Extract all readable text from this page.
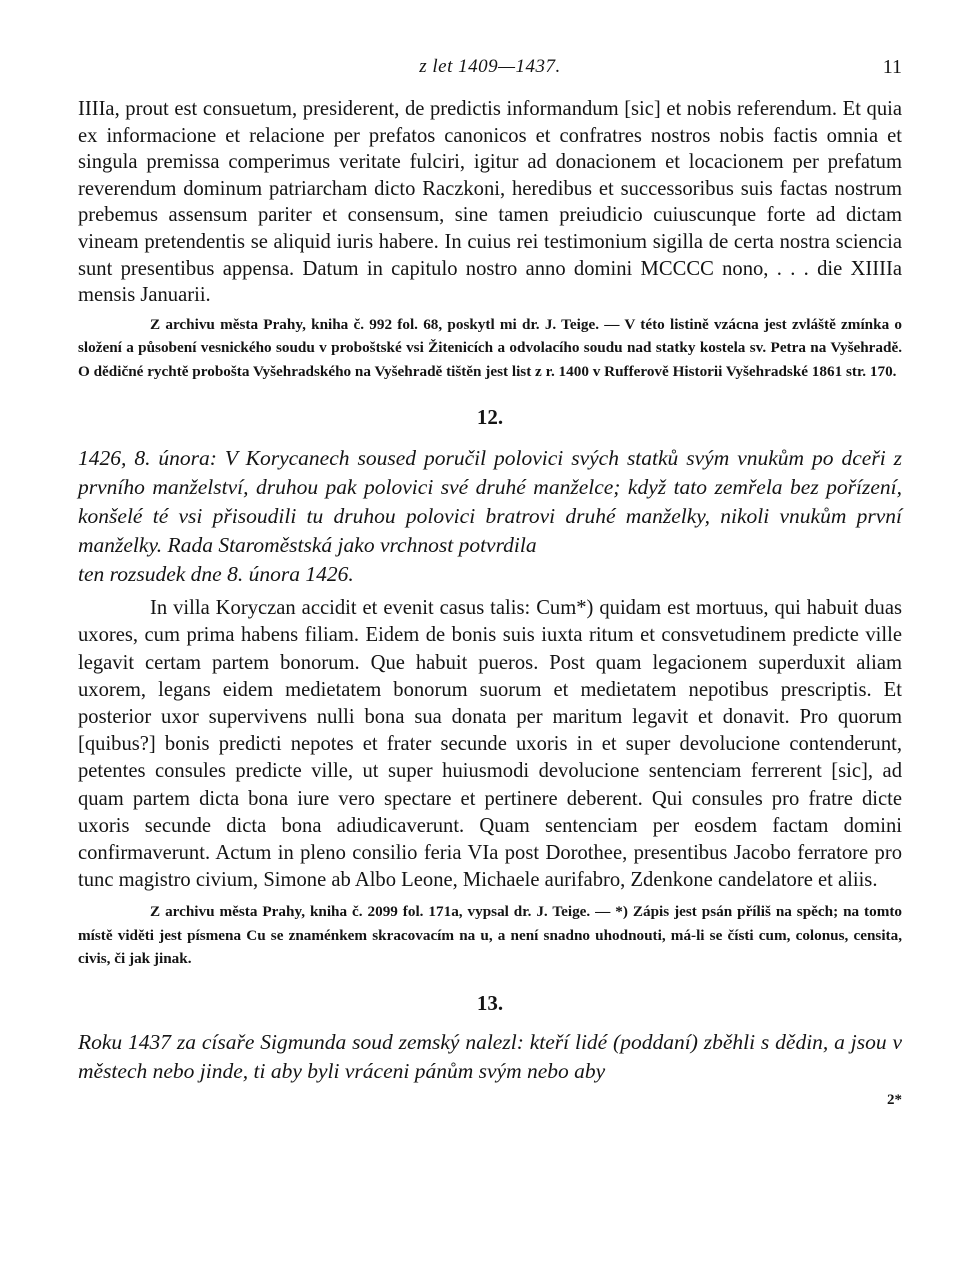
z let 1409—1437.	11

IIIIa, prout est consuetum, presiderent, de predictis informandum [sic] et nobis referendum. Et quia ex informacione et relacione per prefatos canonicos et confratres nostros nobis factis omnia et singula premissa comperimus veritate fulciri, igitur ad donacionem et locacionem per prefatum reverendum dominum patriarcham dicto Raczkoni, heredibus et successoribus suis factas nostrum prebemus assensum pariter et consensum, sine tamen preiudicio cuiuscunque forte ad dictam vineam pretendentis se aliquid iuris habere. In cuius rei testimonium sigilla de certa nostra sciencia sunt presentibus appensa. Datum in capitulo nostro anno domini MCCCC nono, . . . die XIIIIa mensis Januarii.

Z archivu města Prahy, kniha č. 992 fol. 68, poskytl mi dr. J. Teige. — V této listině vzácna jest zvláště zmínka o složení a působení vesnického soudu v proboštské vsi Žitenicích a odvolacího soudu nad statky kostela sv. Petra na Vyšehradě. O dědičné rychtě probošta Vyšehradského na Vyšehradě tištěn jest list z r. 1400 v Rufferově Historii Vyšehradské 1861 str. 170.

12.

1426, 8. února: V Korycanech soused poručil polovici svých statků svým vnukům po dceři z prvního manželství, druhou pak polovici své druhé manželce; když tato zemřela bez pořízení, konšelé té vsi přisoudili tu druhou polovici bratrovi druhé manželky, nikoli vnukům první manželky. Rada Staroměstská jako vrchnost potvrdila
ten rozsudek dne 8. února 1426.

In villa Koryczan accidit et evenit casus talis: Cum*) quidam est mortuus, qui habuit duas uxores, cum prima habens filiam. Eidem de bonis suis iuxta ritum et consvetudinem predicte ville legavit certam partem bonorum. Que habuit pueros. Post quam legacionem superduxit aliam uxorem, legans eidem medietatem bonorum suorum et medietatem nepotibus prescriptis. Et posterior uxor supervivens nulli bona sua donata per maritum legavit et donavit. Pro quorum [quibus?] bonis predicti nepotes et frater secunde uxoris in et super devolucione contenderunt, petentes consules predicte ville, ut super huiusmodi devolucione sentenciam ferrerent [sic], ad quam partem dicta bona iure vero spectare et pertinere deberent. Qui consules pro fratre dicte uxoris secunde dicta bona adiudicaverunt. Quam sentenciam per eosdem factam domini confirmaverunt. Actum in pleno consilio feria VIa post Dorothee, presentibus Jacobo ferratore pro tunc magistro civium, Simone ab Albo Leone, Michaele aurifabro, Zdenkone candelatore et aliis.

Z archivu města Prahy, kniha č. 2099 fol. 171a, vypsal dr. J. Teige. — *) Zápis jest psán příliš na spěch; na tomto místě viděti jest písmena Cu se znaménkem skracovacím na u, a není snadno uhodnouti, má-li se čísti cum, colonus, censita, civis, či jak jinak.

13.

Roku 1437 za císaře Sigmunda soud zemský nalezl: kteří lidé (poddaní) zběhli s dědin, a jsou v městech nebo jinde, ti aby byli vráceni pánům svým nebo aby

2*
